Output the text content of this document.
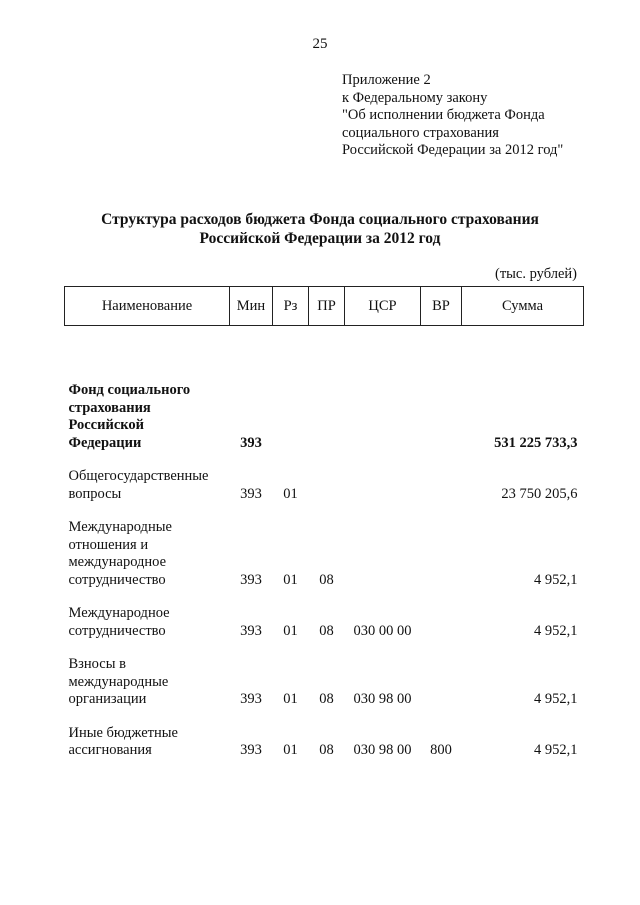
25
Приложение 2
к Федеральному закону
"Об исполнении бюджета Фонда
социального страхования
Российской Федерации за 2012 год"
Структура расходов бюджета Фонда социального страхования
Российской Федерации за 2012 год
(тыс. рублей)
Наименование	Мин	Рз	ПР	ЦСР	ВР	Сумма

Фонд социального
страхования
Российской
Федерации	393					531 225 733,3

Общегосударственные
вопросы	393	01				23 750 205,6

Международные
отношения и
международное
сотрудничество	393	01	08			4 952,1

Международное
сотрудничество	393	01	08	030 00 00		4 952,1

Взносы в
международные
организации	393	01	08	030 98 00		4 952,1

Иные бюджетные
ассигнования	393	01	08	030 98 00	800	4 952,1
